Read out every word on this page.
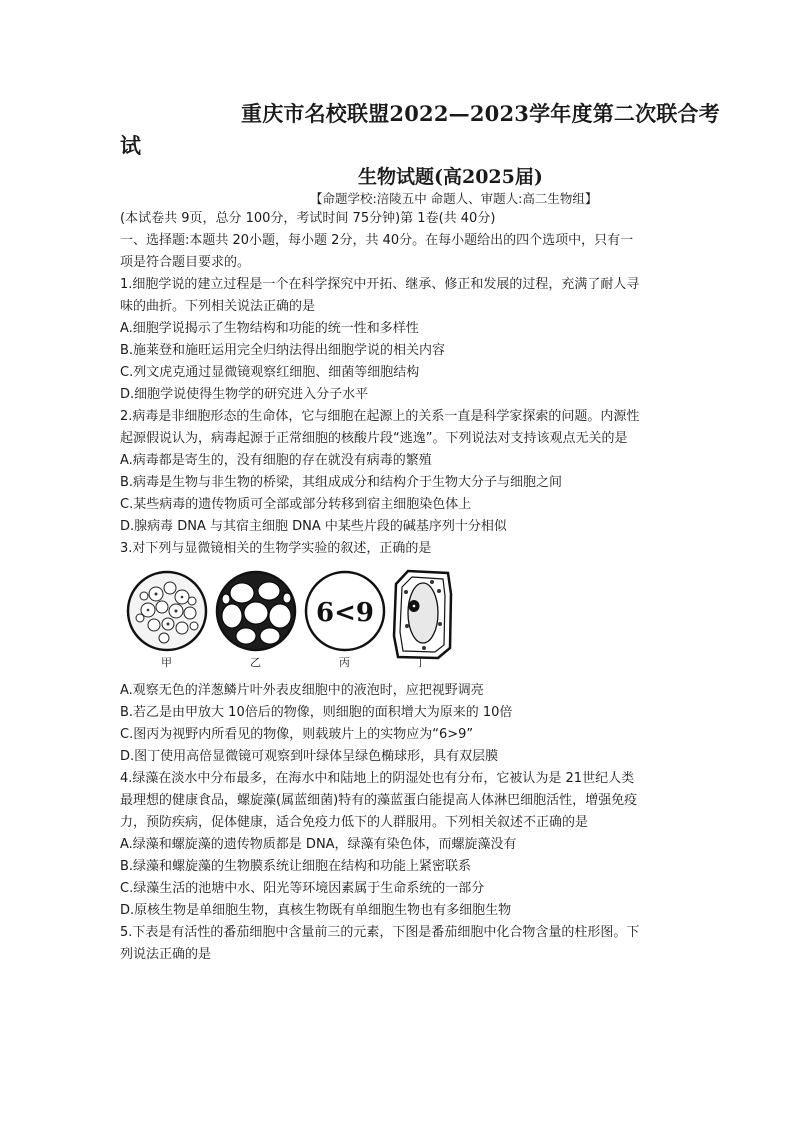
重庆市名校联盟2022—2023学年度第二次联合考
试
生物试题(高2025届)
【命题学校:涪陵五中 命题人、审题人:高二生物组】
(本试卷共 9页，总分 100分，考试时间 75分钟)第 1卷(共 40分)
一、选择题:本题共 20小题，每小题 2分，共 40分。在每小题给出的四个选项中，只有一
项是符合题目要求的。
1.细胞学说的建立过程是一个在科学探究中开拓、继承、修正和发展的过程，充满了耐人寻
味的曲折。下列相关说法正确的是
A.细胞学说揭示了生物结构和功能的统一性和多样性
B.施莱登和施旺运用完全归纳法得出细胞学说的相关内容
C.列文虎克通过显微镜观察红细胞、细菌等细胞结构
D.细胞学说使得生物学的研究进入分子水平
2.病毒是非细胞形态的生命体，它与细胞在起源上的关系一直是科学家探索的问题。内源性
起源假说认为，病毒起源于正常细胞的核酸片段“逃逸”。下列说法对支持该观点无关的是
A.病毒都是寄生的，没有细胞的存在就没有病毒的繁殖
B.病毒是生物与非生物的桥梁，其组成成分和结构介于生物大分子与细胞之间
C.某些病毒的遗传物质可全部或部分转移到宿主细胞染色体上
D.腺病毒 DNA 与其宿主细胞 DNA 中某些片段的碱基序列十分相似
3.对下列与显微镜相关的生物学实验的叙述，正确的是
6<9
甲	乙	丙	丁
A.观察无色的洋葱鳞片叶外表皮细胞中的液泡时，应把视野调亮
B.若乙是由甲放大 10倍后的物像，则细胞的面积增大为原来的 10倍
C.图丙为视野内所看见的物像，则载玻片上的实物应为“6>9”
D.图丁使用高倍显微镜可观察到叶绿体呈绿色椭球形，具有双层膜
4.绿藻在淡水中分布最多，在海水中和陆地上的阴湿处也有分布，它被认为是 21世纪人类
最理想的健康食品，螺旋藻(属蓝细菌)特有的藻蓝蛋白能提高人体淋巴细胞活性，增强免疫
力，预防疾病，促体健康，适合免疫力低下的人群服用。下列相关叙述不正确的是
A.绿藻和螺旋藻的遗传物质都是 DNA，绿藻有染色体，而螺旋藻没有
B.绿藻和螺旋藻的生物膜系统让细胞在结构和功能上紧密联系
C.绿藻生活的池塘中水、阳光等环境因素属于生命系统的一部分
D.原核生物是单细胞生物，真核生物既有单细胞生物也有多细胞生物
5.下表是有活性的番茄细胞中含量前三的元素，下图是番茄细胞中化合物含量的柱形图。下
列说法正确的是
